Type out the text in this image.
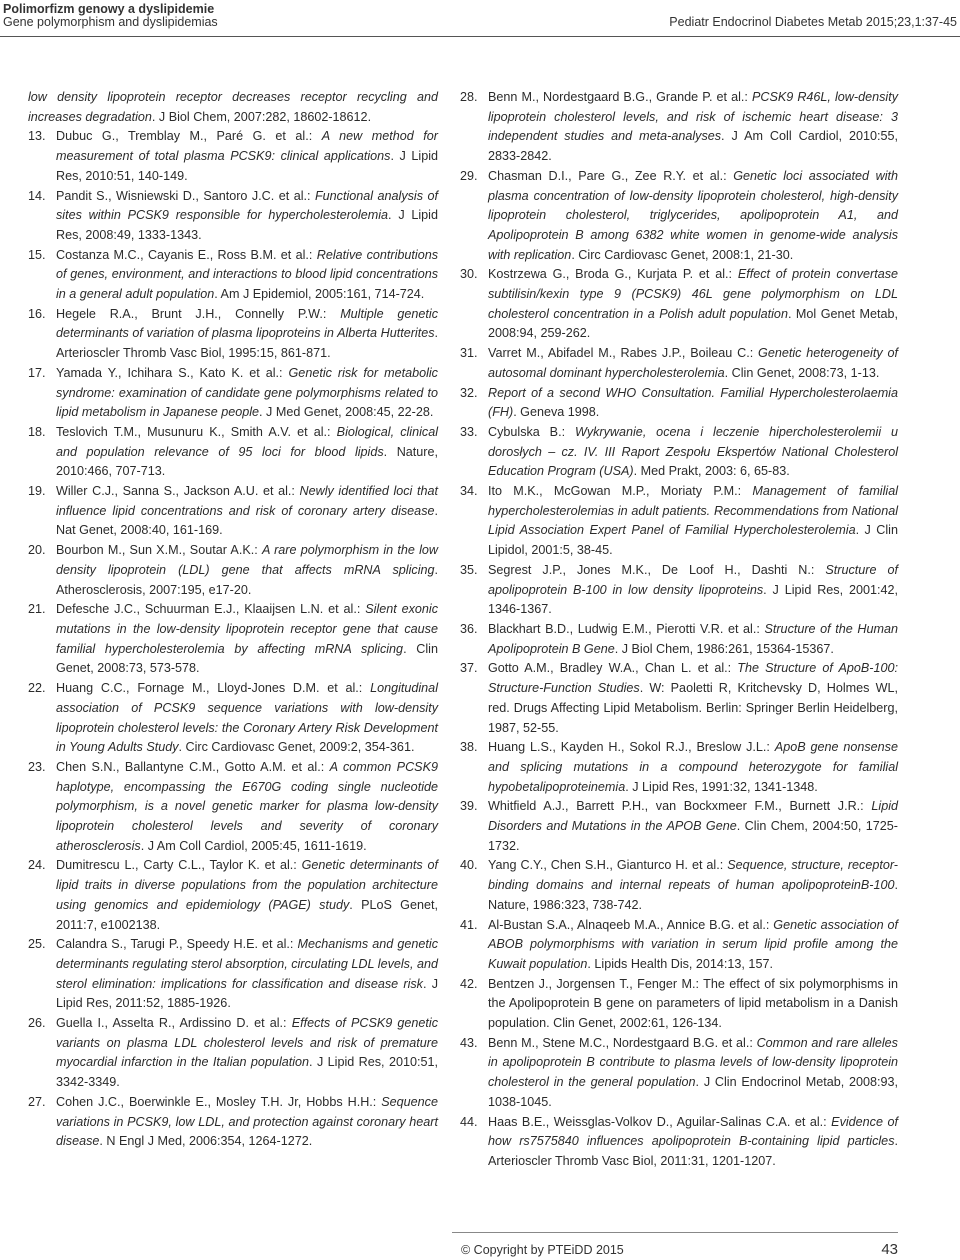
Polimorfizm genowy a dyslipidemie
Gene polymorphism and dyslipidemias	Pediatr Endocrinol Diabetes Metab 2015;23,1:37-45
low density lipoprotein receptor decreases receptor recycling and increases degradation. J Biol Chem, 2007:282, 18602-18612.
13. Dubuc G., Tremblay M., Paré G. et al.: A new method for measurement of total plasma PCSK9: clinical applications. J Lipid Res, 2010:51, 140-149.
14. Pandit S., Wisniewski D., Santoro J.C. et al.: Functional analysis of sites within PCSK9 responsible for hypercholesterolemia. J Lipid Res, 2008:49, 1333-1343.
15. Costanza M.C., Cayanis E., Ross B.M. et al.: Relative contributions of genes, environment, and interactions to blood lipid concentrations in a general adult population. Am J Epidemiol, 2005:161, 714-724.
16. Hegele R.A., Brunt J.H., Connelly P.W.: Multiple genetic determinants of variation of plasma lipoproteins in Alberta Hutterites. Arterioscler Thromb Vasc Biol, 1995:15, 861-871.
17. Yamada Y., Ichihara S., Kato K. et al.: Genetic risk for metabolic syndrome: examination of candidate gene polymorphisms related to lipid metabolism in Japanese people. J Med Genet, 2008:45, 22-28.
18. Teslovich T.M., Musunuru K., Smith A.V. et al.: Biological, clinical and population relevance of 95 loci for blood lipids. Nature, 2010:466, 707-713.
19. Willer C.J., Sanna S., Jackson A.U. et al.: Newly identified loci that influence lipid concentrations and risk of coronary artery disease. Nat Genet, 2008:40, 161-169.
20. Bourbon M., Sun X.M., Soutar A.K.: A rare polymorphism in the low density lipoprotein (LDL) gene that affects mRNA splicing. Atherosclerosis, 2007:195, e17-20.
21. Defesche J.C., Schuurman E.J., Klaaijsen L.N. et al.: Silent exonic mutations in the low-density lipoprotein receptor gene that cause familial hypercholesterolemia by affecting mRNA splicing. Clin Genet, 2008:73, 573-578.
22. Huang C.C., Fornage M., Lloyd-Jones D.M. et al.: Longitudinal association of PCSK9 sequence variations with low-density lipoprotein cholesterol levels: the Coronary Artery Risk Development in Young Adults Study. Circ Cardiovasc Genet, 2009:2, 354-361.
23. Chen S.N., Ballantyne C.M., Gotto A.M. et al.: A common PCSK9 haplotype, encompassing the E670G coding single nucleotide polymorphism, is a novel genetic marker for plasma low-density lipoprotein cholesterol levels and severity of coronary atherosclerosis. J Am Coll Cardiol, 2005:45, 1611-1619.
24. Dumitrescu L., Carty C.L., Taylor K. et al.: Genetic determinants of lipid traits in diverse populations from the population architecture using genomics and epidemiology (PAGE) study. PLoS Genet, 2011:7, e1002138.
25. Calandra S., Tarugi P., Speedy H.E. et al.: Mechanisms and genetic determinants regulating sterol absorption, circulating LDL levels, and sterol elimination: implications for classification and disease risk. J Lipid Res, 2011:52, 1885-1926.
26. Guella I., Asselta R., Ardissino D. et al.: Effects of PCSK9 genetic variants on plasma LDL cholesterol levels and risk of premature myocardial infarction in the Italian population. J Lipid Res, 2010:51, 3342-3349.
27. Cohen J.C., Boerwinkle E., Mosley T.H. Jr, Hobbs H.H.: Sequence variations in PCSK9, low LDL, and protection against coronary heart disease. N Engl J Med, 2006:354, 1264-1272.
28. Benn M., Nordestgaard B.G., Grande P. et al.: PCSK9 R46L, low-density lipoprotein cholesterol levels, and risk of ischemic heart disease: 3 independent studies and meta-analyses. J Am Coll Cardiol, 2010:55, 2833-2842.
29. Chasman D.I., Pare G., Zee R.Y. et al.: Genetic loci associated with plasma concentration of low-density lipoprotein cholesterol, high-density lipoprotein cholesterol, triglycerides, apolipoprotein A1, and Apolipoprotein B among 6382 white women in genome-wide analysis with replication. Circ Cardiovasc Genet, 2008:1, 21-30.
30. Kostrzewa G., Broda G., Kurjata P. et al.: Effect of protein convertase subtilisin/kexin type 9 (PCSK9) 46L gene polymorphism on LDL cholesterol concentration in a Polish adult population. Mol Genet Metab, 2008:94, 259-262.
31. Varret M., Abifadel M., Rabes J.P., Boileau C.: Genetic heterogeneity of autosomal dominant hypercholesterolemia. Clin Genet, 2008:73, 1-13.
32. Report of a second WHO Consultation. Familial Hypercholesterolaemia (FH). Geneva 1998.
33. Cybulska B.: Wykrywanie, ocena i leczenie hipercholesterolemii u dorosłych – cz. IV. III Raport Zespołu Ekspertów National Cholesterol Education Program (USA). Med Prakt, 2003: 6, 65-83.
34. Ito M.K., McGowan M.P., Moriaty P.M.: Management of familial hypercholesterolemias in adult patients. Recommendations from National Lipid Association Expert Panel of Familial Hypercholesterolemia. J Clin Lipidol, 2001:5, 38-45.
35. Segrest J.P., Jones M.K., De Loof H., Dashti N.: Structure of apolipoprotein B-100 in low density lipoproteins. J Lipid Res, 2001:42, 1346-1367.
36. Blackhart B.D., Ludwig E.M., Pierotti V.R. et al.: Structure of the Human Apolipoprotein B Gene. J Biol Chem, 1986:261, 15364-15367.
37. Gotto A.M., Bradley W.A., Chan L. et al.: The Structure of ApoB-100: Structure-Function Studies. W: Paoletti R, Kritchevsky D, Holmes WL, red. Drugs Affecting Lipid Metabolism. Berlin: Springer Berlin Heidelberg, 1987, 52-55.
38. Huang L.S., Kayden H., Sokol R.J., Breslow J.L.: ApoB gene nonsense and splicing mutations in a compound heterozygote for familial hypobetalipoproteinemia. J Lipid Res, 1991:32, 1341-1348.
39. Whitfield A.J., Barrett P.H., van Bockxmeer F.M., Burnett J.R.: Lipid Disorders and Mutations in the APOB Gene. Clin Chem, 2004:50, 1725-1732.
40. Yang C.Y., Chen S.H., Gianturco H. et al.: Sequence, structure, receptor-binding domains and internal repeats of human apolipoproteinB-100. Nature, 1986:323, 738-742.
41. Al-Bustan S.A., Alnaqeeb M.A., Annice B.G. et al.: Genetic association of ABOB polymorphisms with variation in serum lipid profile among the Kuwait population. Lipids Health Dis, 2014:13, 157.
42. Bentzen J., Jorgensen T., Fenger M.: The effect of six polymorphisms in the Apolipoprotein B gene on parameters of lipid metabolism in a Danish population. Clin Genet, 2002:61, 126-134.
43. Benn M., Stene M.C., Nordestgaard B.G. et al.: Common and rare alleles in apolipoprotein B contribute to plasma levels of low-density lipoprotein cholesterol in the general population. J Clin Endocrinol Metab, 2008:93, 1038-1045.
44. Haas B.E., Weissglas-Volkov D., Aguilar-Salinas C.A. et al.: Evidence of how rs7575840 influences apolipoprotein B-containing lipid particles. Arterioscler Thromb Vasc Biol, 2011:31, 1201-1207.
© Copyright by PTEiDD 2015	43
